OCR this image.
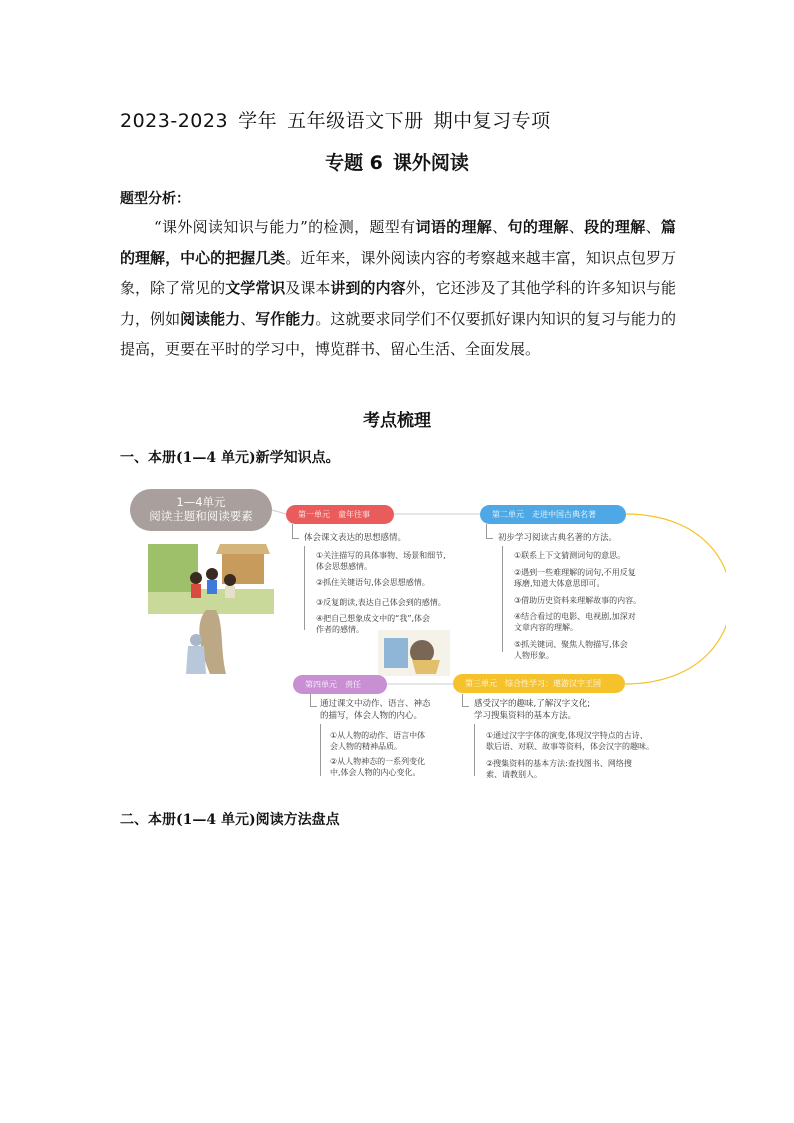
2023-2023 学年 五年级语文下册 期中复习专项
专题 6 课外阅读
题型分析：
“课外阅读知识与能力”的检测，题型有词语的理解、句的理解、段的理解、篇的理解，中心的把握几类。近年来，课外阅读内容的考察越来越丰富，知识点包罗万象，除了常见的文学常识及课本讲到的内容外，它还涉及了其他学科的许多知识与能力，例如阅读能力、写作能力。这就要求同学们不仅要抓好课内知识的复习与能力的提高，更要在平时的学习中，博览群书、留心生活、全面发展。
考点梳理
一、本册(1—4 单元)新学知识点。
1—4单元
阅读主题和阅读要素	第一单元 童年往事
体会课文表达的思想感情。
①关注描写的具体事物、场景和细节,
体会思想感情。
②抓住关键语句,体会思想感情。
③反复朗读,表达自己体会到的感情。
④把自己想象成文中的“我”,体会
作者的感情。
第二单元 走进中国古典名著
初步学习阅读古典名著的方法。
①联系上下文猜测词句的意思。
②遇到一些难理解的词句,不用反复
琢磨,知道大体意思即可。
③借助历史资料来理解故事的内容。
④结合看过的电影、电视剧,加深对
文章内容的理解。
⑤抓关键词、聚焦人物描写,体会
人物形象。
第四单元 责任
通过课文中动作、语言、神态
的描写，体会人物的内心。
①从人物的动作、语言中体
会人物的精神品质。
②从人物神态的一系列变化
中,体会人物的内心变化。
第三单元 综合性学习：遨游汉字王国
感受汉字的趣味,了解汉字文化;
学习搜集资料的基本方法。
①通过汉字字体的演变,体现汉字特点的古诗、
歇后语、对联、故事等资料，体会汉字的趣味。
②搜集资料的基本方法:查找图书、网络搜
索、请教别人。
二、本册(1—4 单元)阅读方法盘点
